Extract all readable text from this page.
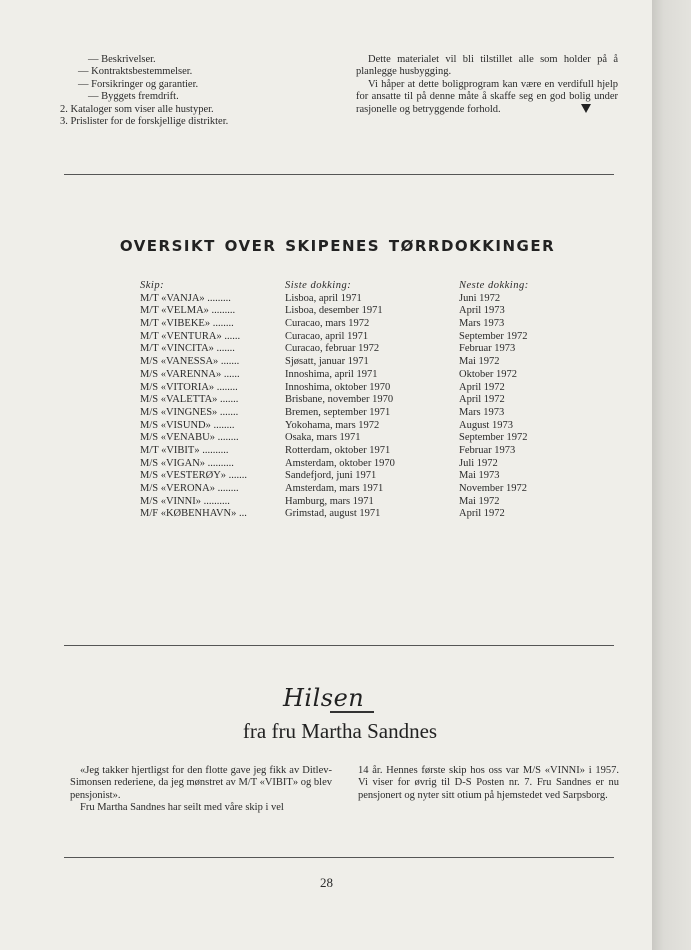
— Beskrivelser.
— Kontraktsbestemmelser.
— Forsikringer og garantier.
— Byggets fremdrift.
2. Kataloger som viser alle hustyper.
3. Prislister for de forskjellige distrikter.

Dette materialet vil bli tilstillet alle som holder på å planlegge husbygging.

Vi håper at dette boligprogram kan være en verdifull hjelp for ansatte til på denne måte å skaffe seg en god bolig under rasjonelle og betryggende forhold.

oversikt over skipenes tørrdokkinger
Skip:
M/T «VANJA» .........
M/T «VELMA» .........
M/T «VIBEKE» ........
M/T «VENTURA» ......
M/T «VINCITA» .......
M/S «VANESSA» .......
M/S «VARENNA» ......
M/S «VITORIA» ........
M/S «VALETTA» .......
M/S «VINGNES» .......
M/S «VISUND» ........
M/S «VENABU» ........
M/T «VIBIT» ..........
M/S «VIGAN» ..........
M/S «VESTERØY» .......
M/S «VERONA» ........
M/S «VINNI» ..........
M/F «KØBENHAVN» ...
Siste dokking:
Lisboa, april 1971
Lisboa, desember 1971
Curacao, mars 1972
Curacao, april 1971
Curacao, februar 1972
Sjøsatt, januar 1971
Innoshima, april 1971
Innoshima, oktober 1970
Brisbane, november 1970
Bremen, september 1971
Yokohama, mars 1972
Osaka, mars 1971
Rotterdam, oktober 1971
Amsterdam, oktober 1970
Sandefjord, juni 1971
Amsterdam, mars 1971
Hamburg, mars 1971
Grimstad, august 1971
Neste dokking:
Juni 1972
April 1973
Mars 1973
September 1972
Februar 1973
Mai 1972
Oktober 1972
April 1972
April 1972
Mars 1973
August 1973
September 1972
Februar 1973
Juli 1972
Mai 1973
November 1972
Mai 1972
April 1972
Hilsen
fra fru Martha Sandnes

«Jeg takker hjertligst for den flotte gave jeg fikk av Ditlev-Simonsen rederiene, da jeg mønstret av M/T «VIBIT» og blev pensjonist».

Fru Martha Sandnes har seilt med våre skip i vel

14 år. Hennes første skip hos oss var M/S «VINNI» i 1957. Vi viser for øvrig til D-S Posten nr. 7. Fru Sandnes er nu pensjonert og nyter sitt otium på hjemstedet ved Sarpsborg.

28
